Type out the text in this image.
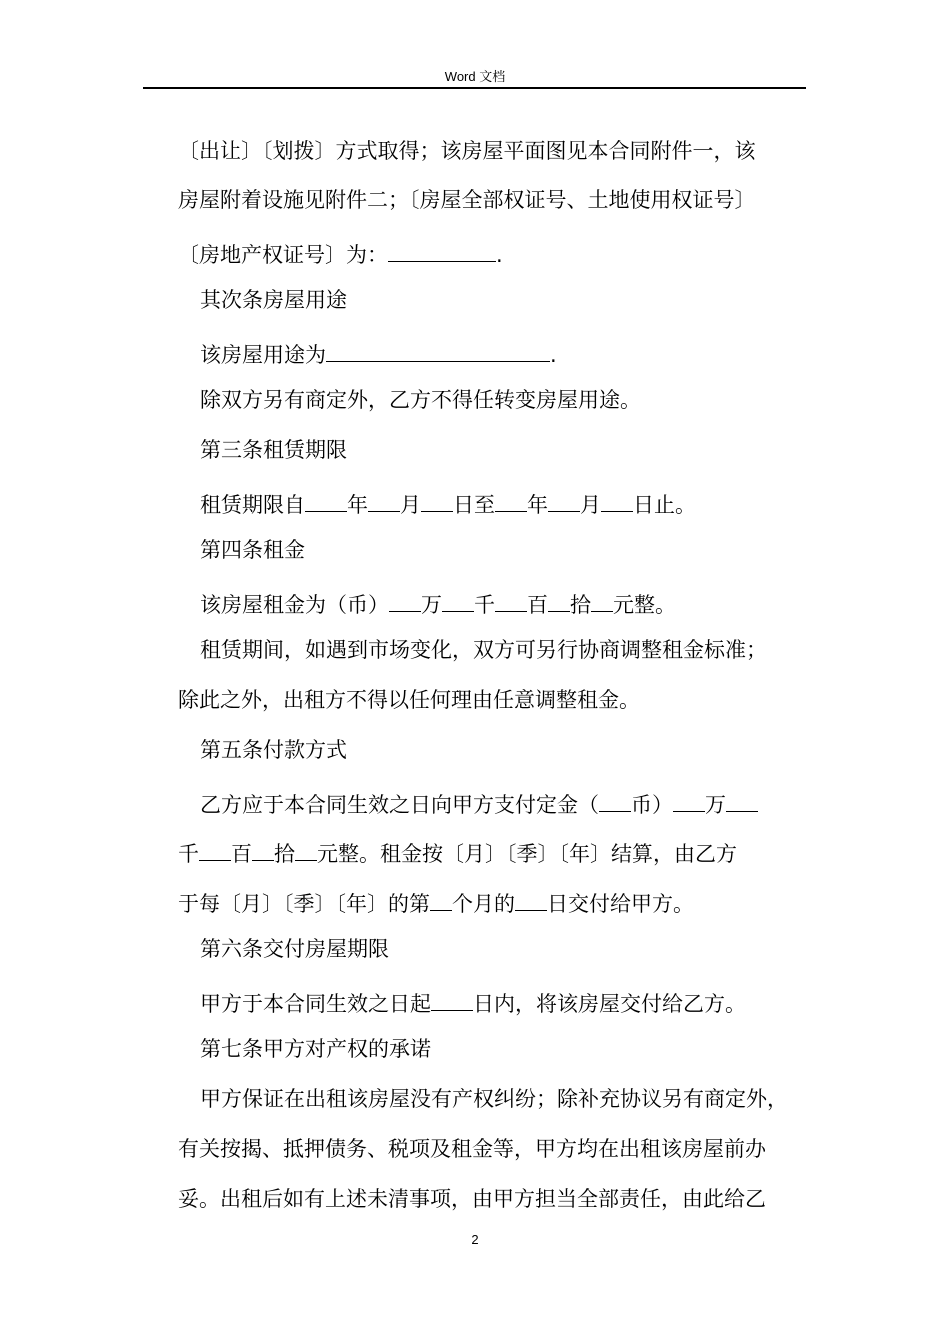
Word 文档
〔出让〕〔划拨〕方式取得；该房屋平面图见本合同附件一，该
房屋附着设施见附件二；〔房屋全部权证号、土地使用权证号〕
〔房地产权证号〕为：	.
其次条房屋用途
该房屋用途为	.
除双方另有商定外，乙方不得任转变房屋用途。
第三条租赁期限
租赁期限自 年 月 日至 年 月 日止。
第四条租金
该房屋租金为（币） 万 千 百 拾 元整。
租赁期间，如遇到市场变化，双方可另行协商调整租金标准；
除此之外，出租方不得以任何理由任意调整租金。
第五条付款方式
乙方应于本合同生效之日向甲方支付定金（ 币） 万
千 百 拾 元整。租金按〔月〕〔季〕〔年〕结算，由乙方
于每〔月〕〔季〕〔年〕的第 个月的 日交付给甲方。
第六条交付房屋期限
甲方于本合同生效之日起 日内，将该房屋交付给乙方。
第七条甲方对产权的承诺
甲方保证在出租该房屋没有产权纠纷；除补充协议另有商定外，
有关按揭、抵押债务、税项及租金等，甲方均在出租该房屋前办
妥。出租后如有上述未清事项，由甲方担当全部责任，由此给乙
2
